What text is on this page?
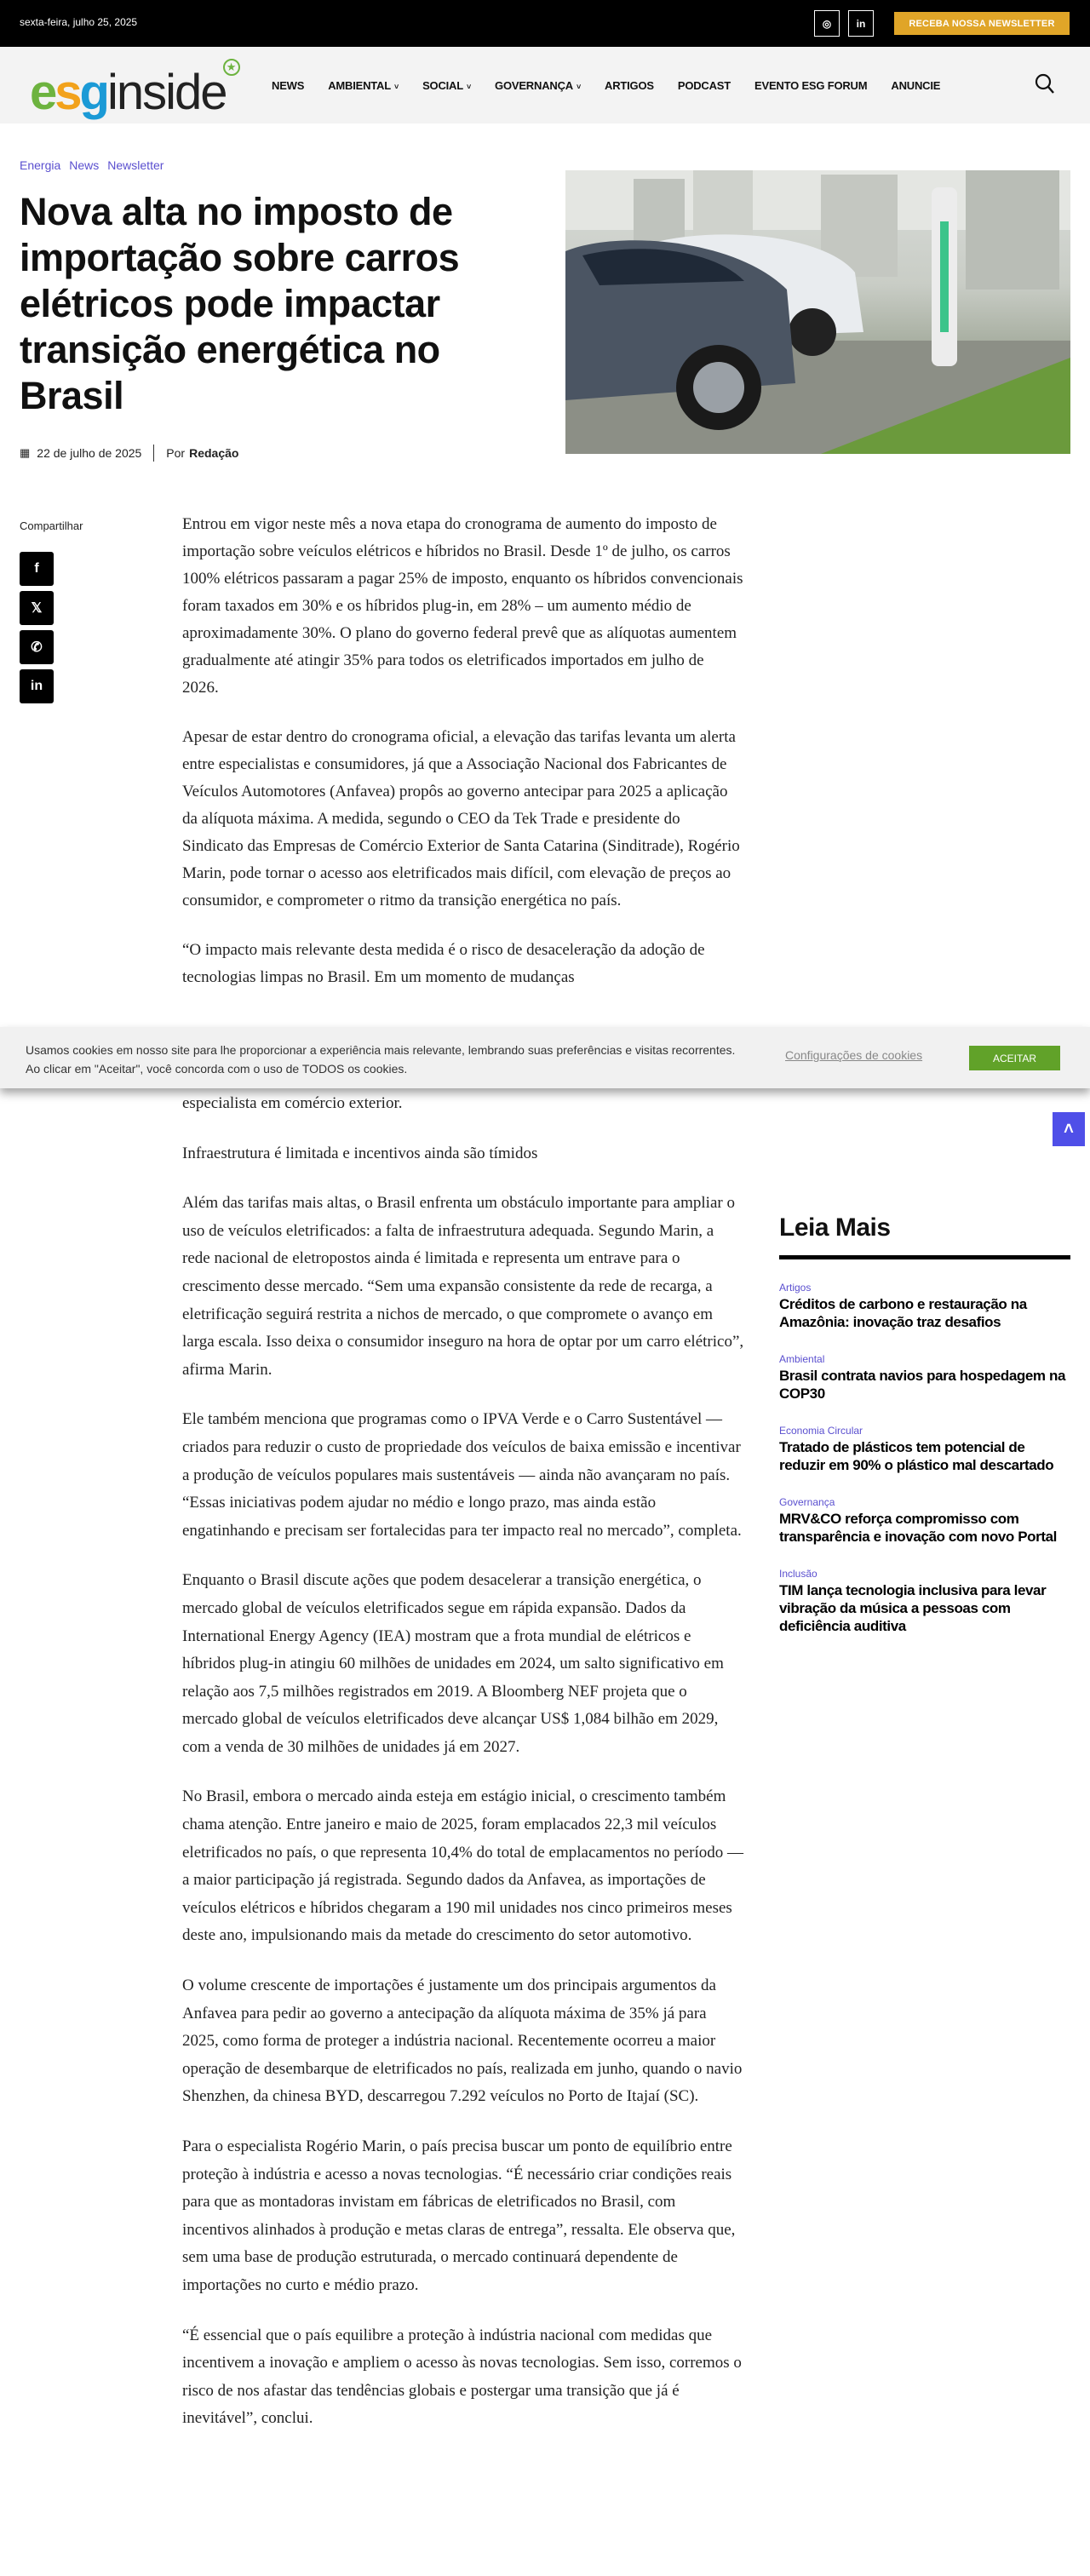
sexta-feira, julho 25, 2025	◎ in	RECEBA NOSSA NEWSLETTER
e s g inside ★
NEWS AMBIENTAL ˅ SOCIAL ˅ GOVERNANÇA ˅ ARTIGOS PODCAST EVENTO ESG FORUM ANUNCIE
Energia News Newsletter
Nova alta no imposto de importação sobre carros elétricos pode impactar transição energética no Brasil
▦ 22 de julho de 2025 Por Redação
Compartilhar
f
𝕏
✆
in

Entrou em vigor neste mês a nova etapa do cronograma de aumento do imposto de importação sobre veículos elétricos e híbridos no Brasil. Desde 1º de julho, os carros 100% elétricos passaram a pagar 25% de imposto, enquanto os híbridos convencionais foram taxados em 30% e os híbridos plug-in, em 28% – um aumento médio de aproximadamente 30%. O plano do governo federal prevê que as alíquotas aumentem gradualmente até atingir 35% para todos os eletrificados importados em julho de 2026.

Apesar de estar dentro do cronograma oficial, a elevação das tarifas levanta um alerta entre especialistas e consumidores, já que a Associação Nacional dos Fabricantes de Veículos Automotores (Anfavea) propôs ao governo antecipar para 2025 a aplicação da alíquota máxima. A medida, segundo o CEO da Tek Trade e presidente do Sindicato das Empresas de Comércio Exterior de Santa Catarina (Sinditrade), Rogério Marin, pode tornar o acesso aos eletrificados mais difícil, com elevação de preços ao consumidor, e comprometer o ritmo da transição energética no país.

“O impacto mais relevante desta medida é o risco de desaceleração da adoção de tecnologias limpas no Brasil. Em um momento de mudanças

especialista em comércio exterior.

Infraestrutura é limitada e incentivos ainda são tímidos

Além das tarifas mais altas, o Brasil enfrenta um obstáculo importante para ampliar o uso de veículos eletrificados: a falta de infraestrutura adequada. Segundo Marin, a rede nacional de eletropostos ainda é limitada e representa um entrave para o crescimento desse mercado. “Sem uma expansão consistente da rede de recarga, a eletrificação seguirá restrita a nichos de mercado, o que compromete o avanço em larga escala. Isso deixa o consumidor inseguro na hora de optar por um carro elétrico”, afirma Marin.

Ele também menciona que programas como o IPVA Verde e o Carro Sustentável — criados para reduzir o custo de propriedade dos veículos de baixa emissão e incentivar a produção de veículos populares mais sustentáveis — ainda não avançaram no país. “Essas iniciativas podem ajudar no médio e longo prazo, mas ainda estão engatinhando e precisam ser fortalecidas para ter impacto real no mercado”, completa.

Enquanto o Brasil discute ações que podem desacelerar a transição energética, o mercado global de veículos eletrificados segue em rápida expansão. Dados da International Energy Agency (IEA) mostram que a frota mundial de elétricos e híbridos plug-in atingiu 60 milhões de unidades em 2024, um salto significativo em relação aos 7,5 milhões registrados em 2019. A Bloomberg NEF projeta que o mercado global de veículos eletrificados deve alcançar US$ 1,084 bilhão em 2029, com a venda de 30 milhões de unidades já em 2027.

No Brasil, embora o mercado ainda esteja em estágio inicial, o crescimento também chama atenção. Entre janeiro e maio de 2025, foram emplacados 22,3 mil veículos eletrificados no país, o que representa 10,4% do total de emplacamentos no período — a maior participação já registrada. Segundo dados da Anfavea, as importações de veículos elétricos e híbridos chegaram a 190 mil unidades nos cinco primeiros meses deste ano, impulsionando mais da metade do crescimento do setor automotivo.

O volume crescente de importações é justamente um dos principais argumentos da Anfavea para pedir ao governo a antecipação da alíquota máxima de 35% já para 2025, como forma de proteger a indústria nacional. Recentemente ocorreu a maior operação de desembarque de eletrificados no país, realizada em junho, quando o navio Shenzhen, da chinesa BYD, descarregou 7.292 veículos no Porto de Itajaí (SC).

Para o especialista Rogério Marin, o país precisa buscar um ponto de equilíbrio entre proteção à indústria e acesso a novas tecnologias. “É necessário criar condições reais para que as montadoras invistam em fábricas de eletrificados no Brasil, com incentivos alinhados à produção e metas claras de entrega”, ressalta. Ele observa que, sem uma base de produção estruturada, o mercado continuará dependente de importações no curto e médio prazo.

“É essencial que o país equilibre a proteção à indústria nacional com medidas que incentivem a inovação e ampliem o acesso às novas tecnologias. Sem isso, corremos o risco de nos afastar das tendências globais e postergar uma transição que já é inevitável”, conclui.

Leia Mais
Artigos
Créditos de carbono e restauração na Amazônia: inovação traz desafios
Ambiental
Brasil contrata navios para hospedagem na COP30
Economia Circular
Tratado de plásticos tem potencial de reduzir em 90% o plástico mal descartado
Governança
MRV&CO reforça compromisso com transparência e inovação com novo Portal
Inclusão
TIM lança tecnologia inclusiva para levar vibração da música a pessoas com deficiência auditiva
Usamos cookies em nosso site para lhe proporcionar a experiência mais relevante, lembrando suas preferências e visitas recorrentes. Ao clicar em "Aceitar", você concorda com o uso de TODOS os cookies.
Configurações de cookies	ACEITAR
˄
